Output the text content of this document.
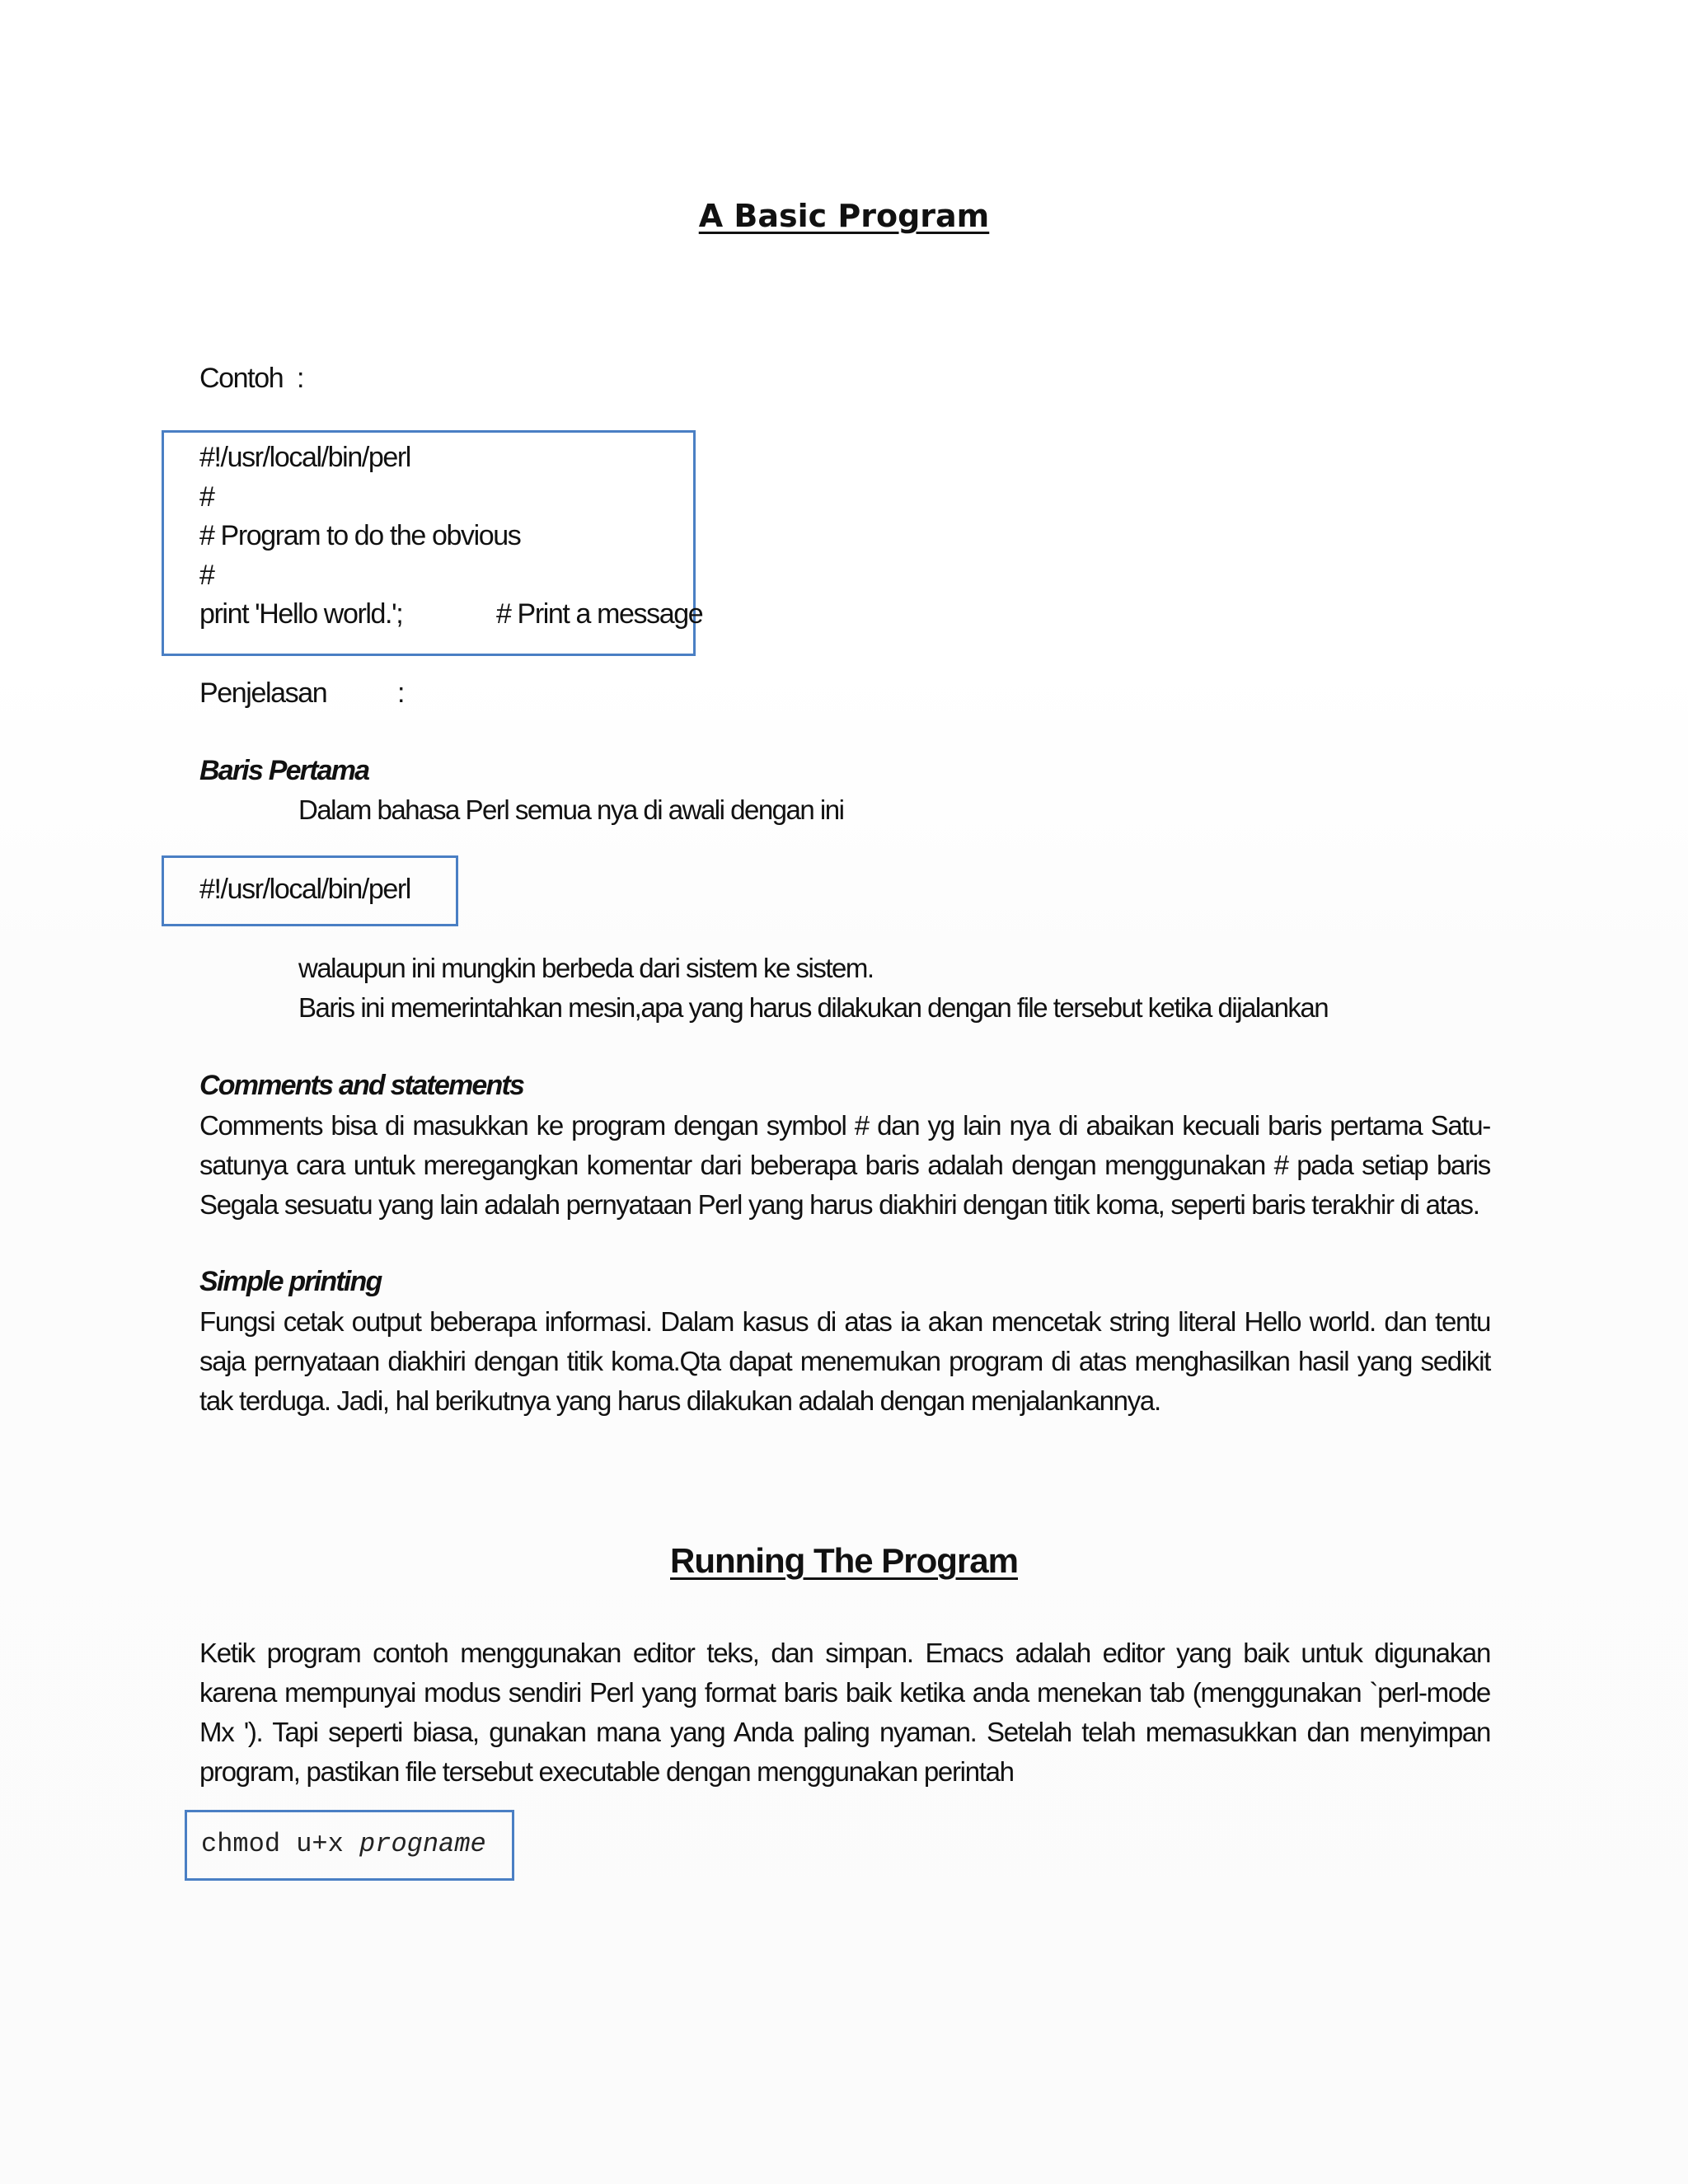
A Basic Program
Contoh :
#!/usr/local/bin/perl
#
# Program to do the obvious
#
print 'Hello world.';	# Print a message
Penjelasan	:
Baris Pertama
Dalam bahasa Perl semua nya di awali dengan ini
#!/usr/local/bin/perl
walaupun ini mungkin berbeda dari sistem ke sistem.
Baris ini memerintahkan mesin,apa yang harus dilakukan dengan file tersebut ketika dijalankan
Comments and statements
Comments bisa di masukkan ke program dengan symbol # dan yg lain nya di abaikan kecuali baris pertama Satu-satunya cara untuk meregangkan komentar dari beberapa baris adalah dengan menggunakan # pada setiap baris Segala sesuatu yang lain adalah pernyataan Perl yang harus diakhiri dengan titik koma, seperti baris terakhir di atas.
Simple printing
Fungsi cetak output beberapa informasi. Dalam kasus di atas ia akan mencetak string literal Hello world. dan tentu saja pernyataan diakhiri dengan titik koma.Qta dapat menemukan program di atas menghasilkan hasil yang sedikit tak terduga. Jadi, hal berikutnya yang harus dilakukan adalah dengan menjalankannya.
Running The Program
Ketik program contoh menggunakan editor teks, dan simpan. Emacs adalah editor yang baik untuk digunakan karena mempunyai modus sendiri Perl yang format baris baik ketika anda menekan tab (menggunakan `perl-mode Mx '). Tapi seperti biasa, gunakan mana yang Anda paling nyaman. Setelah telah memasukkan dan menyimpan program, pastikan file tersebut executable dengan menggunakan perintah
chmod u+x progname
